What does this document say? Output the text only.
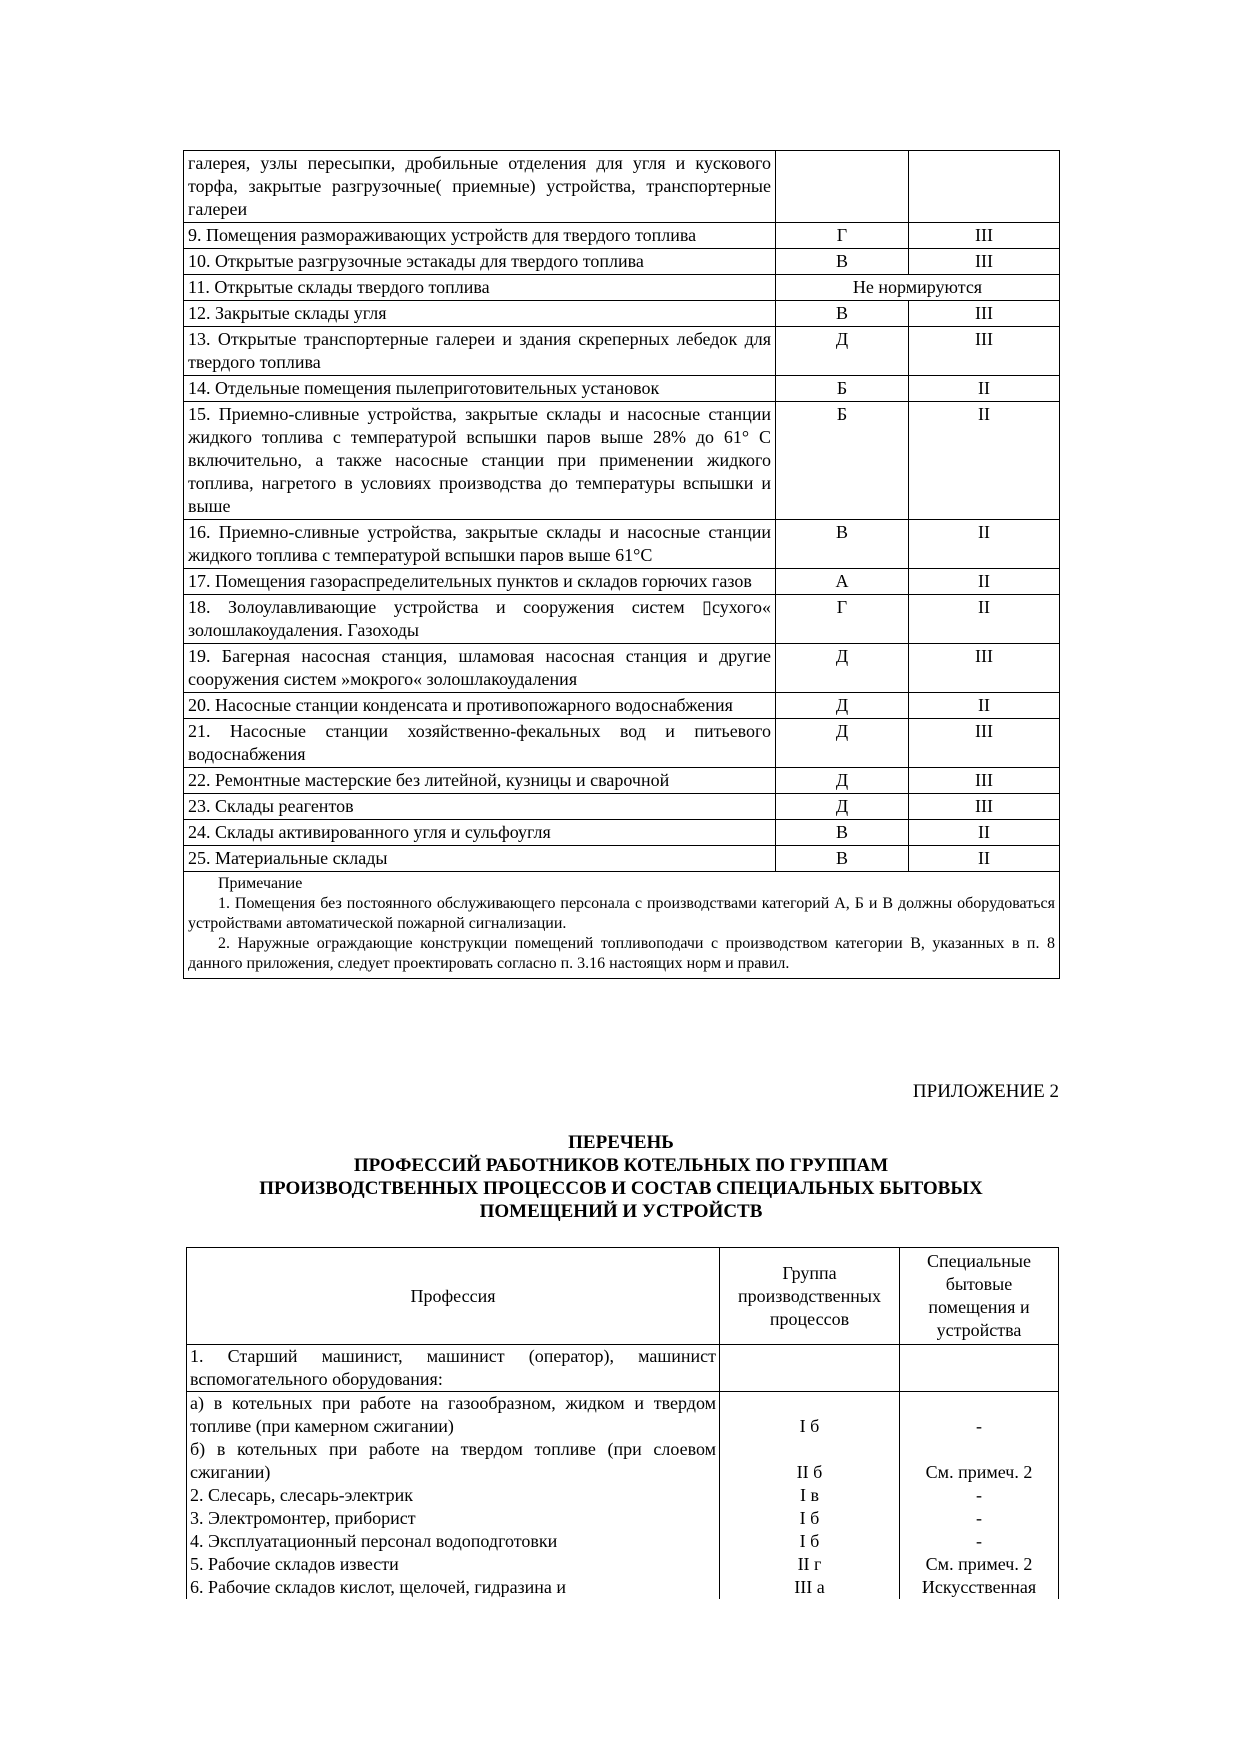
галерея, узлы пересыпки, дробильные отделения для угля и кускового торфа, закрытые разгрузочные( приемные) устройства, транспортерные галереи		
9. Помещения размораживающих устройств для твердого топлива	Г	III
10. Открытые разгрузочные эстакады для твердого топлива	В	III
11. Открытые склады твердого топлива	Не нормируются	
12. Закрытые склады угля	В	III
13. Открытые транспортерные галереи и здания скреперных лебедок для твердого топлива	Д	III
14. Отдельные помещения пылеприготовительных установок	Б	II
15. Приемно-сливные устройства, закрытые склады и насосные станции жидкого топлива с температурой вспышки паров выше 28% до 61° С включительно, а также насосные станции при применении жидкого топлива, нагретого в условиях производства до температуры вспышки и выше	Б	II
16. Приемно-сливные устройства, закрытые склады и насосные станции жидкого топлива с температурой вспышки паров выше 61°С	В	II
17. Помещения газораспределительных пунктов и складов горючих газов	А	II
18. Золоулавливающие устройства и сооружения систем ▯сухого« золошлакоудаления. Газоходы	Г	II
19. Багерная насосная станция, шламовая насосная станция и другие сооружения систем »мокрого« золошлакоудаления	Д	III
20. Насосные станции конденсата и противопожарного водоснабжения	Д	II
21. Насосные станции хозяйственно-фекальных вод и питьевого водоснабжения	Д	III
22. Ремонтные мастерские без литейной, кузницы и сварочной	Д	III
23. Склады реагентов	Д	III
24. Склады активированного угля и сульфоугля	В	II
25. Материальные склады	В	II

Примечание

1. Помещения без постоянного обслуживающего персонала с производствами категорий А, Б и В должны оборудоваться устройствами автоматической пожарной сигнализации.

2. Наружные ограждающие конструкции помещений топливоподачи с производством категории В, указанных в п. 8 данного приложения, следует проектировать согласно п. 3.16 настоящих норм и правил.		

ПРИЛОЖЕНИЕ 2
ПЕРЕЧЕНЬ
ПРОФЕССИЙ РАБОТНИКОВ КОТЕЛЬНЫХ ПО ГРУППАМ
ПРОИЗВОДСТВЕННЫХ ПРОЦЕССОВ И СОСТАВ СПЕЦИАЛЬНЫХ БЫТОВЫХ
ПОМЕЩЕНИЙ И УСТРОЙСТВ
Профессия	Группа производственных процессов	Специальные бытовые помещения и устройства
1. Старший машинист, машинист (оператор), машинист вспомогательного оборудования:		
а) в котельных при работе на газообразном, жидком и твердом топливе (при камерном сжигании)	I б	-
б) в котельных при работе на твердом топливе (при слоевом сжигании)	II б	См. примеч. 2
2. Слесарь, слесарь-электрик	I в	-
3. Электромонтер, приборист	I б	-
4. Эксплуатационный персонал водоподготовки	I б	-
5. Рабочие складов извести	II г	См. примеч. 2
6. Рабочие складов кислот, щелочей, гидразина и	III а	Искусственная
